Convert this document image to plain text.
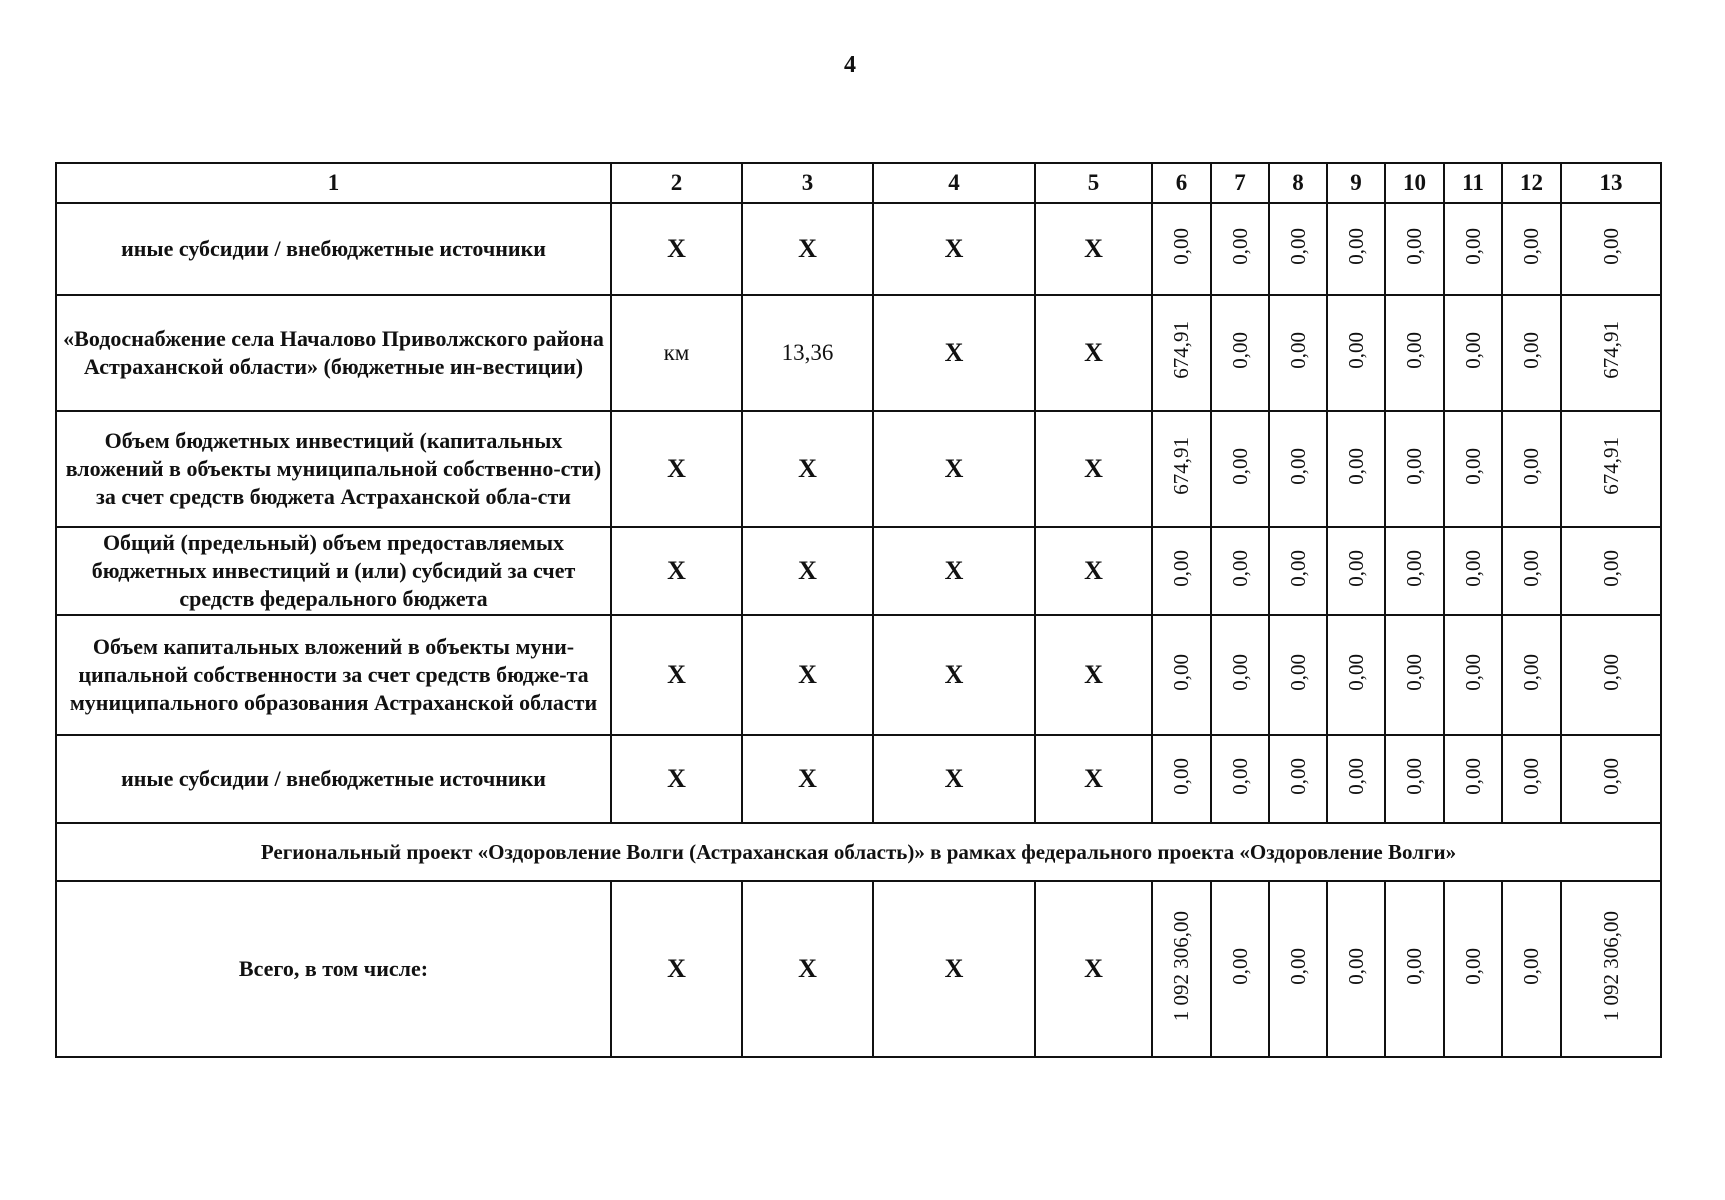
4
1	2	3	4	5	6	7	8	9	10	11	12	13
иные субсидии / внебюджетные источники	X	X	X	X	0,00	0,00	0,00	0,00	0,00	0,00	0,00	0,00
«Водоснабжение села Началово Приволжского района Астраханской области» (бюджетные ин-вестиции)	км	13,36	X	X	674,91	0,00	0,00	0,00	0,00	0,00	0,00	674,91
Объем бюджетных инвестиций (капитальных вложений в объекты муниципальной собственно-сти) за счет средств бюджета Астраханской обла-сти	X	X	X	X	674,91	0,00	0,00	0,00	0,00	0,00	0,00	674,91
Общий (предельный) объем предоставляемых бюджетных инвестиций и (или) субсидий за счет средств федерального бюджета	X	X	X	X	0,00	0,00	0,00	0,00	0,00	0,00	0,00	0,00
Объем капитальных вложений в объекты муни-ципальной собственности за счет средств бюдже-та муниципального образования Астраханской области	X	X	X	X	0,00	0,00	0,00	0,00	0,00	0,00	0,00	0,00
иные субсидии / внебюджетные источники	X	X	X	X	0,00	0,00	0,00	0,00	0,00	0,00	0,00	0,00
Региональный проект «Оздоровление Волги (Астраханская область)» в рамках федерального проекта «Оздоровление Волги»												
Всего, в том числе:	X	X	X	X	1 092 306,00	0,00	0,00	0,00	0,00	0,00	0,00	1 092 306,00
